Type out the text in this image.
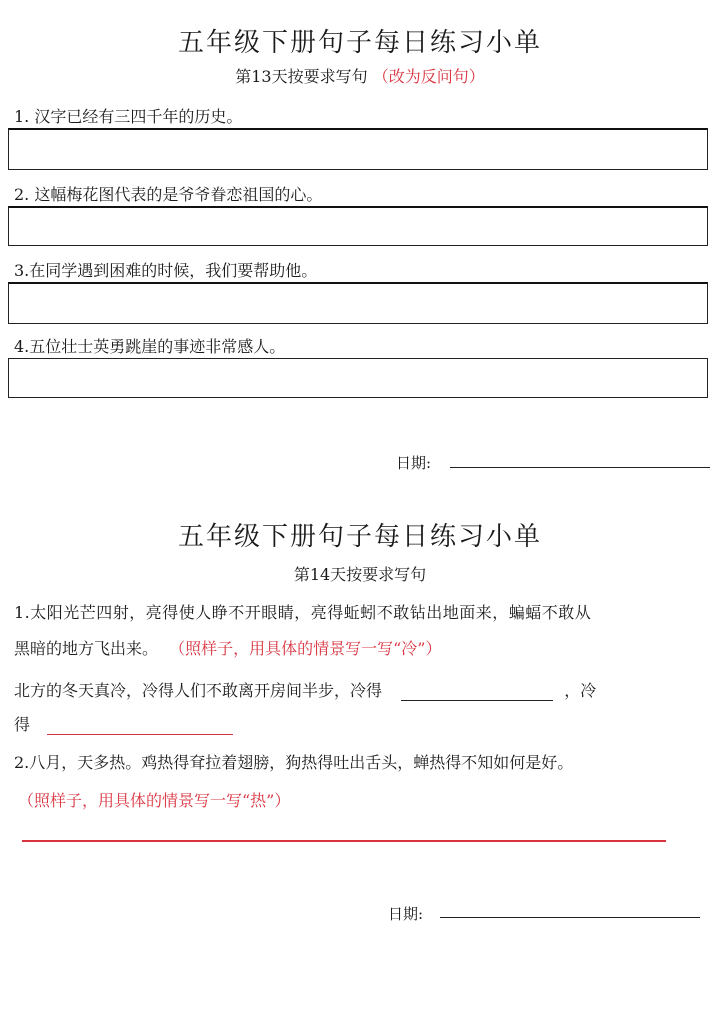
五年级下册句子每日练习小单
第13天按要求写句 （改为反问句）
1. 汉字已经有三四千年的历史。
2. 这幅梅花图代表的是爷爷眷恋祖国的心。
3.在同学遇到困难的时候，我们要帮助他。
4.五位壮士英勇跳崖的事迹非常感人。
日期:
五年级下册句子每日练习小单
第14天按要求写句
1.太阳光芒四射，亮得使人睁不开眼睛，亮得蚯蚓不敢钻出地面来，蝙蝠不敢从
黑暗的地方飞出来。 （照样子，用具体的情景写一写“冷”）
北方的冬天真冷，冷得人们不敢离开房间半步，冷得	，冷
得
2.八月，天多热。鸡热得耷拉着翅膀，狗热得吐出舌头，蝉热得不知如何是好。
（照样子，用具体的情景写一写“热”）
日期:
